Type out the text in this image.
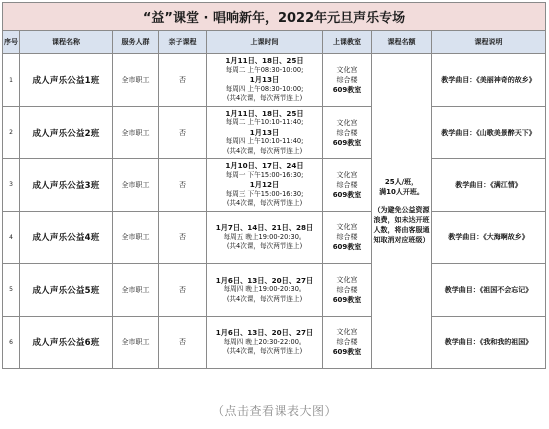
“益”课堂 · 唱响新年，2022年元旦声乐专场							
序号	课程名称	服务人群	亲子课程	上课时间	上课教室	课程名额	课程说明
1	成人声乐公益1班	全市职工	否	1月11日、18日、25日
每周二 上午08:30-10:00;
1月13日
每周四 上午08:30-10:00;
(共4次课，每次两节连上)	文化宫
综合楼
609教室	25人/班，
满10人开班。
（为避免公益资源浪费，如未达开班人数，将由客服通知取消对应班级）	教学曲目：《美丽神奇的故乡》
2	成人声乐公益2班	全市职工	否	1月11日、18日、25日
每周二 上午10:10-11:40;
1月13日
每周四 上午10:10-11:40;
(共4次课，每次两节连上)	文化宫
综合楼
609教室		教学曲目：《山歌美景醉天下》
3	成人声乐公益3班	全市职工	否	1月10日、17日、24日
每周一 下午15:00-16:30;
1月12日
每周三 下午15:00-16:30;
(共4次课，每次两节连上)	文化宫
综合楼
609教室		教学曲目：《满江情》
4	成人声乐公益4班	全市职工	否	1月7日、14日、21日、28日
每周五 晚上19:00-20:30。
(共4次课，每次两节连上)	文化宫
综合楼
609教室		教学曲目：《大海啊故乡》
5	成人声乐公益5班	全市职工	否	1月6日、13日、20日、27日
每周四 晚上19:00-20:30。
(共4次课，每次两节连上)	文化宫
综合楼
609教室		教学曲目：《祖国不会忘记》
6	成人声乐公益6班	全市职工	否	1月6日、13日、20日、27日
每周四 晚上20:30-22:00。
(共4次课，每次两节连上)	文化宫
综合楼
609教室		教学曲目：《我和我的祖国》
（点击查看课表大图）
